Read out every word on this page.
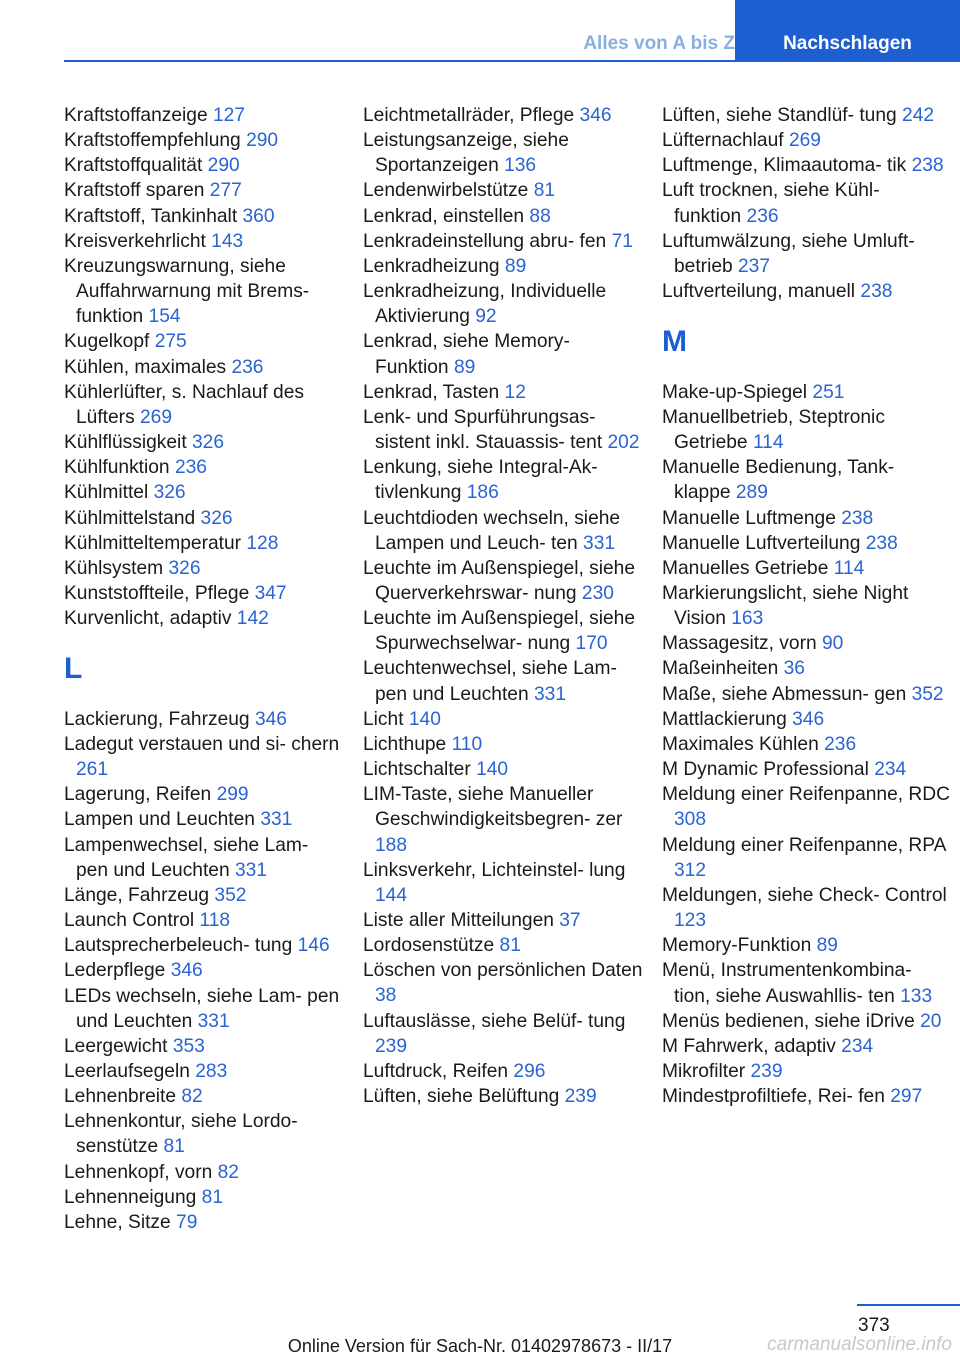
Alles von A bis Z	Nachschlagen
Kraftstoffanzeige 127
Kraftstoffempfehlung 290
Kraftstoffqualität 290
Kraftstoff sparen 277
Kraftstoff, Tankinhalt 360
Kreisverkehrlicht 143
Kreuzungswarnung, siehe Auffahrwarnung mit Brems‐ funktion 154
Kugelkopf 275
Kühlen, maximales 236
Kühlerlüfter, s. Nachlauf des Lüfters 269
Kühlflüssigkeit 326
Kühlfunktion 236
Kühlmittel 326
Kühlmittelstand 326
Kühlmitteltemperatur 128
Kühlsystem 326
Kunststoffteile, Pflege 347
Kurvenlicht, adaptiv 142
L
Lackierung, Fahrzeug 346
Ladegut verstauen und si‐ chern 261
Lagerung, Reifen 299
Lampen und Leuchten 331
Lampenwechsel, siehe Lam‐ pen und Leuchten 331
Länge, Fahrzeug 352
Launch Control 118
Lautsprecherbeleuch‐ tung 146
Lederpflege 346
LEDs wechseln, siehe Lam‐ pen und Leuchten 331
Leergewicht 353
Leerlaufsegeln 283
Lehnenbreite 82
Lehnenkontur, siehe Lordo‐ senstütze 81
Lehnenkopf, vorn 82
Lehnenneigung 81
Lehne, Sitze 79
Leichtmetallräder, Pflege 346
Leistungsanzeige, siehe Sportanzeigen 136
Lendenwirbelstütze 81
Lenkrad, einstellen 88
Lenkradeinstellung abru‐ fen 71
Lenkradheizung 89
Lenkradheizung, Individuelle Aktivierung 92
Lenkrad, siehe Memory- Funktion 89
Lenkrad, Tasten 12
Lenk- und Spurführungsas‐ sistent inkl. Stauassis‐ tent 202
Lenkung, siehe Integral-Ak‐ tivlenkung 186
Leuchtdioden wechseln, siehe Lampen und Leuch‐ ten 331
Leuchte im Außenspiegel, siehe Querverkehrswar‐ nung 230
Leuchte im Außenspiegel, siehe Spurwechselwar‐ nung 170
Leuchtenwechsel, siehe Lam‐ pen und Leuchten 331
Licht 140
Lichthupe 110
Lichtschalter 140
LIM-Taste, siehe Manueller Geschwindigkeitsbegren‐ zer 188
Linksverkehr, Lichteinstel‐ lung 144
Liste aller Mitteilungen 37
Lordosenstütze 81
Löschen von persönlichen Daten 38
Luftauslässe, siehe Belüf‐ tung 239
Luftdruck, Reifen 296
Lüften, siehe Belüftung 239
Lüften, siehe Standlüf‐ tung 242
Lüfternachlauf 269
Luftmenge, Klimaautoma‐ tik 238
Luft trocknen, siehe Kühl‐ funktion 236
Luftumwälzung, siehe Umluft‐ betrieb 237
Luftverteilung, manuell 238
M
Make-up-Spiegel 251
Manuellbetrieb, Steptronic Getriebe 114
Manuelle Bedienung, Tank‐ klappe 289
Manuelle Luftmenge 238
Manuelle Luftverteilung 238
Manuelles Getriebe 114
Markierungslicht, siehe Night Vision 163
Massagesitz, vorn 90
Maßeinheiten 36
Maße, siehe Abmessun‐ gen 352
Mattlackierung 346
Maximales Kühlen 236
M Dynamic Professional 234
Meldung einer Reifenpanne, RDC 308
Meldung einer Reifenpanne, RPA 312
Meldungen, siehe Check- Control 123
Memory-Funktion 89
Menü, Instrumentenkombina‐ tion, siehe Auswahllis‐ ten 133
Menüs bedienen, siehe iDrive 20
M Fahrwerk, adaptiv 234
Mikrofilter 239
Mindestprofiltiefe, Rei‐ fen 297
373
Online Version für Sach-Nr. 01402978673 - II/17	carmanualsonline.info
